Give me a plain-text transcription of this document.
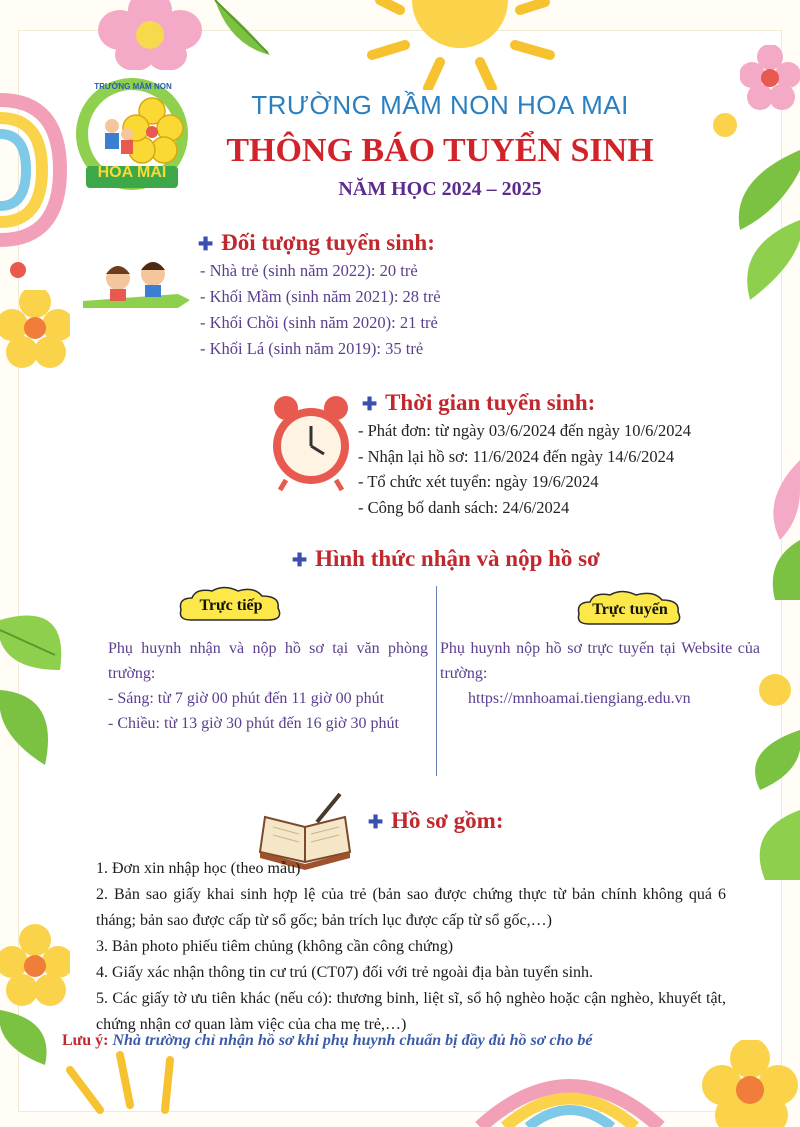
HOA MAI
TRƯỜNG MẦM NON
TRƯỜNG MẦM NON HOA MAI
THÔNG BÁO TUYỂN SINH
NĂM HỌC 2024 – 2025
✚ Đối tượng tuyển sinh:
- Nhà trẻ (sinh năm 2022): 20 trẻ
- Khối Mầm (sinh năm 2021): 28 trẻ
- Khối Chồi (sinh năm 2020): 21 trẻ
- Khối Lá (sinh năm 2019): 35 trẻ
✚ Thời gian tuyển sinh:
- Phát đơn: từ ngày 03/6/2024 đến ngày 10/6/2024
- Nhận lại hồ sơ: 11/6/2024 đến ngày 14/6/2024
- Tổ chức xét tuyển: ngày 19/6/2024
- Công bố danh sách: 24/6/2024
✚ Hình thức nhận và nộp hồ sơ
Trực tiếp	Trực tuyến
Phụ huynh nhận và nộp hồ sơ tại văn phòng trường:
- Sáng: từ 7 giờ 00 phút đến 11 giờ 00 phút
- Chiều: từ 13 giờ 30 phút đến 16 giờ 30 phút
Phụ huynh nộp hồ sơ trực tuyến tại Website của trường:
https://mnhoamai.tiengiang.edu.vn
✚ Hồ sơ gồm:
1. Đơn xin nhập học (theo mẫu)
2. Bản sao giấy khai sinh hợp lệ của trẻ (bản sao được chứng thực từ bản chính không quá 6 tháng; bản sao được cấp từ sổ gốc; bản trích lục được cấp từ sổ gốc,…)
3. Bản photo phiếu tiêm chủng (không cần công chứng)
4. Giấy xác nhận thông tin cư trú (CT07) đối với trẻ ngoài địa bàn tuyển sinh.
5. Các giấy tờ ưu tiên khác (nếu có): thương binh, liệt sĩ, sổ hộ nghèo hoặc cận nghèo, khuyết tật, chứng nhận cơ quan làm việc của cha mẹ trẻ,…)
Lưu ý: Nhà trường chỉ nhận hồ sơ khi phụ huynh chuẩn bị đầy đủ hồ sơ cho bé
